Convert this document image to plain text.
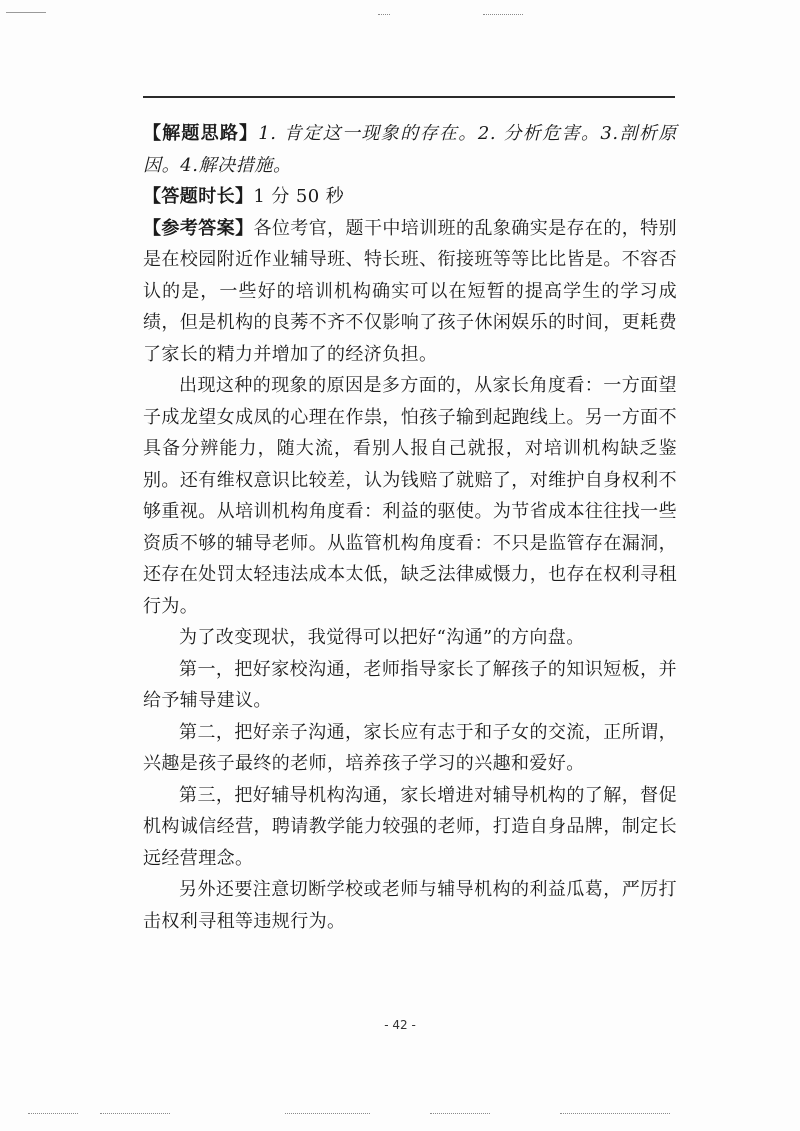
【解题思路】1. 肯定这一现象的存在。2. 分析危害。3.剖析原因。4.解决措施。

【答题时长】1 分 50 秒

【参考答案】各位考官，题干中培训班的乱象确实是存在的，特别是在校园附近作业辅导班、特长班、衔接班等等比比皆是。不容否认的是，一些好的培训机构确实可以在短暂的提高学生的学习成绩，但是机构的良莠不齐不仅影响了孩子休闲娱乐的时间，更耗费了家长的精力并增加了的经济负担。

出现这种的现象的原因是多方面的，从家长角度看：一方面望子成龙望女成凤的心理在作祟，怕孩子输到起跑线上。另一方面不具备分辨能力，随大流，看别人报自己就报，对培训机构缺乏鉴别。还有维权意识比较差，认为钱赔了就赔了，对维护自身权利不够重视。从培训机构角度看：利益的驱使。为节省成本往往找一些资质不够的辅导老师。从监管机构角度看：不只是监管存在漏洞，还存在处罚太轻违法成本太低，缺乏法律威慑力，也存在权利寻租行为。

为了改变现状，我觉得可以把好“沟通”的方向盘。

第一，把好家校沟通，老师指导家长了解孩子的知识短板，并给予辅导建议。

第二，把好亲子沟通，家长应有志于和子女的交流，正所谓，兴趣是孩子最终的老师，培养孩子学习的兴趣和爱好。

第三，把好辅导机构沟通，家长增进对辅导机构的了解，督促机构诚信经营，聘请教学能力较强的老师，打造自身品牌，制定长远经营理念。

另外还要注意切断学校或老师与辅导机构的利益瓜葛，严厉打击权利寻租等违规行为。

- 42 -
